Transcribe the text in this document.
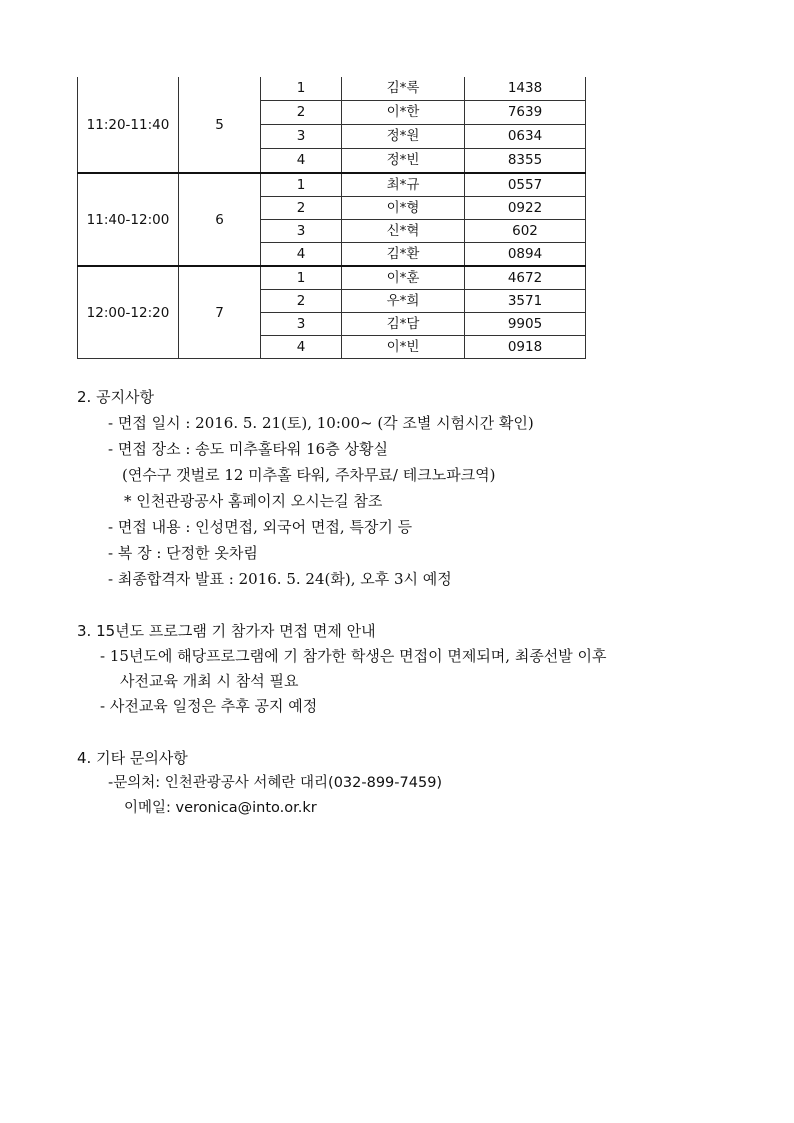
11:20-11:40	5	1	김*록	1438
		2	이*한	7639
		3	정*원	0634
		4	정*빈	8355
11:40-12:00	6	1	최*규	0557
		2	이*형	0922
		3	신*혁	602
		4	김*환	0894
12:00-12:20	7	1	이*훈	4672
		2	우*희	3571
		3	김*담	9905
		4	이*빈	0918
2. 공지사항
- 면접 일시 : 2016. 5. 21(토), 10:00~ (각 조별 시험시간 확인)
- 면접 장소 : 송도 미추홀타워 16층 상황실
(연수구 갯벌로 12 미추홀 타워, 주차무료/ 테크노파크역)
* 인천관광공사 홈페이지 오시는길 참조
- 면접 내용 : 인성면접, 외국어 면접, 특장기 등
- 복 장 : 단정한 옷차림
- 최종합격자 발표 : 2016. 5. 24(화), 오후 3시 예정
3. 15년도 프로그램 기 참가자 면접 면제 안내
- 15년도에 해당프로그램에 기 참가한 학생은 면접이 면제되며, 최종선발 이후
사전교육 개최 시 참석 필요
- 사전교육 일정은 추후 공지 예정
4. 기타 문의사항
-문의처: 인천관광공사 서혜란 대리(032-899-7459)
이메일: veronica@into.or.kr
